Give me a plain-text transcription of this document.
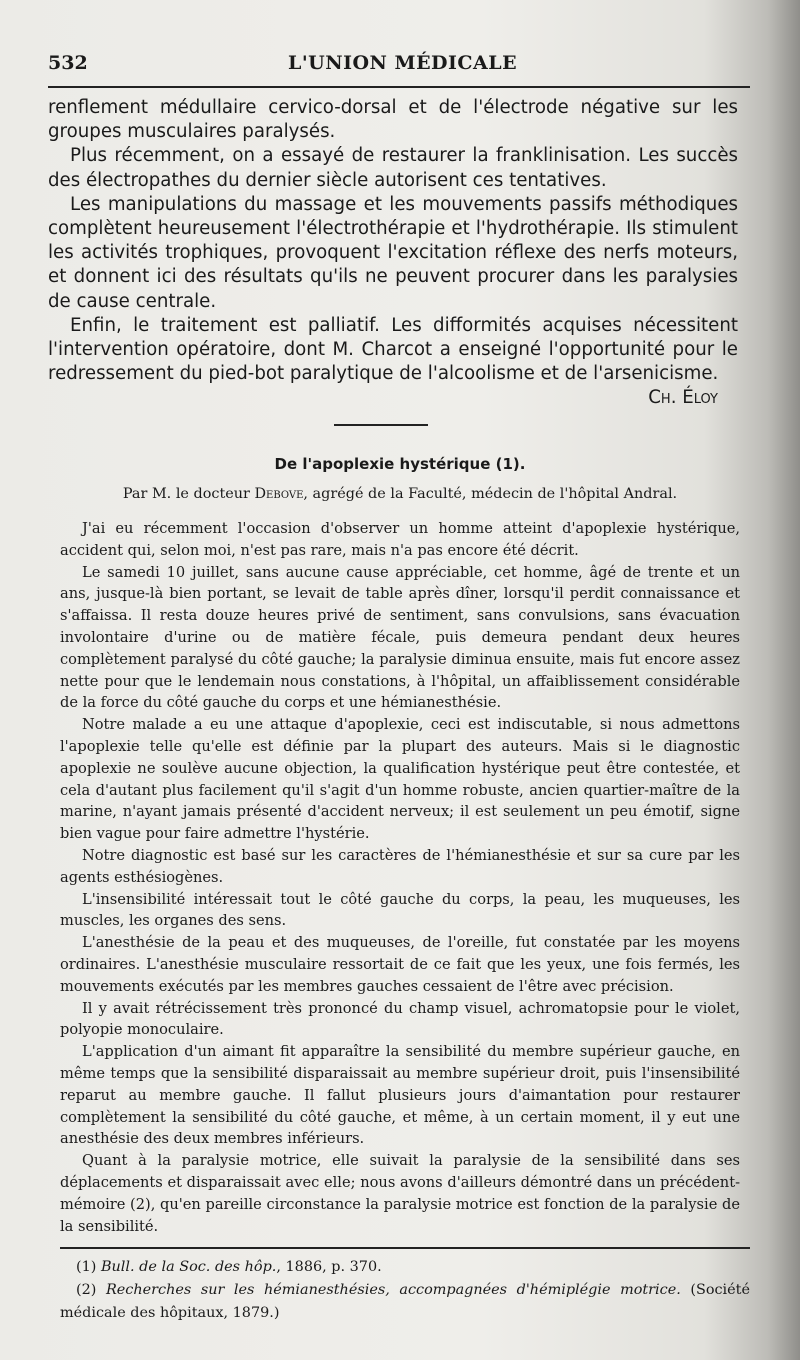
532	L'UNION MÉDICALE

renflement médullaire cervico-dorsal et de l'électrode négative sur les groupes musculaires paralysés.

Plus récemment, on a essayé de restaurer la franklinisation. Les succès des électropathes du dernier siècle autorisent ces tentatives.

Les manipulations du massage et les mouvements passifs méthodiques complètent heureusement l'électrothérapie et l'hydrothérapie. Ils stimulent les activités trophiques, provoquent l'excitation réflexe des nerfs moteurs, et donnent ici des résultats qu'ils ne peuvent procurer dans les paralysies de cause centrale.

Enfin, le traitement est palliatif. Les difformités acquises nécessitent l'intervention opératoire, dont M. Charcot a enseigné l'opportunité pour le redressement du pied-bot paralytique de l'alcoolisme et de l'arsenicisme.

Ch. Éloy

De l'apoplexie hystérique (1).
Par M. le docteur Debove, agrégé de la Faculté, médecin de l'hôpital Andral.

J'ai eu récemment l'occasion d'observer un homme atteint d'apoplexie hystérique, accident qui, selon moi, n'est pas rare, mais n'a pas encore été décrit.

Le samedi 10 juillet, sans aucune cause appréciable, cet homme, âgé de trente et un ans, jusque-là bien portant, se levait de table après dîner, lorsqu'il perdit connaissance et s'affaissa. Il resta douze heures privé de sentiment, sans convulsions, sans évacuation involontaire d'urine ou de matière fécale, puis demeura pendant deux heures complètement paralysé du côté gauche; la paralysie diminua ensuite, mais fut encore assez nette pour que le lendemain nous constations, à l'hôpital, un affaiblissement considérable de la force du côté gauche du corps et une hémianesthésie.

Notre malade a eu une attaque d'apoplexie, ceci est indiscutable, si nous admettons l'apoplexie telle qu'elle est définie par la plupart des auteurs. Mais si le diagnostic apoplexie ne soulève aucune objection, la qualification hystérique peut être contestée, et cela d'autant plus facilement qu'il s'agit d'un homme robuste, ancien quartier-maître de la marine, n'ayant jamais présenté d'accident nerveux; il est seulement un peu émotif, signe bien vague pour faire admettre l'hystérie.

Notre diagnostic est basé sur les caractères de l'hémianesthésie et sur sa cure par les agents esthésiogènes.

L'insensibilité intéressait tout le côté gauche du corps, la peau, les muqueuses, les muscles, les organes des sens.

L'anesthésie de la peau et des muqueuses, de l'oreille, fut constatée par les moyens ordinaires. L'anesthésie musculaire ressortait de ce fait que les yeux, une fois fermés, les mouvements exécutés par les membres gauches cessaient de l'être avec précision.

Il y avait rétrécissement très prononcé du champ visuel, achromatopsie pour le violet, polyopie monoculaire.

L'application d'un aimant fit apparaître la sensibilité du membre supérieur gauche, en même temps que la sensibilité disparaissait au membre supérieur droit, puis l'insensibilité reparut au membre gauche. Il fallut plusieurs jours d'aimantation pour restaurer complètement la sensibilité du côté gauche, et même, à un certain moment, il y eut une anesthésie des deux membres inférieurs.

Quant à la paralysie motrice, elle suivait la paralysie de la sensibilité dans ses déplacements et disparaissait avec elle; nous avons d'ailleurs démontré dans un précédent-mémoire (2), qu'en pareille circonstance la paralysie motrice est fonction de la paralysie de la sensibilité.

(1) Bull. de la Soc. des hôp., 1886, p. 370.

(2) Recherches sur les hémianesthésies, accompagnées d'hémiplégie motrice. (Société médicale des hôpitaux, 1879.)
